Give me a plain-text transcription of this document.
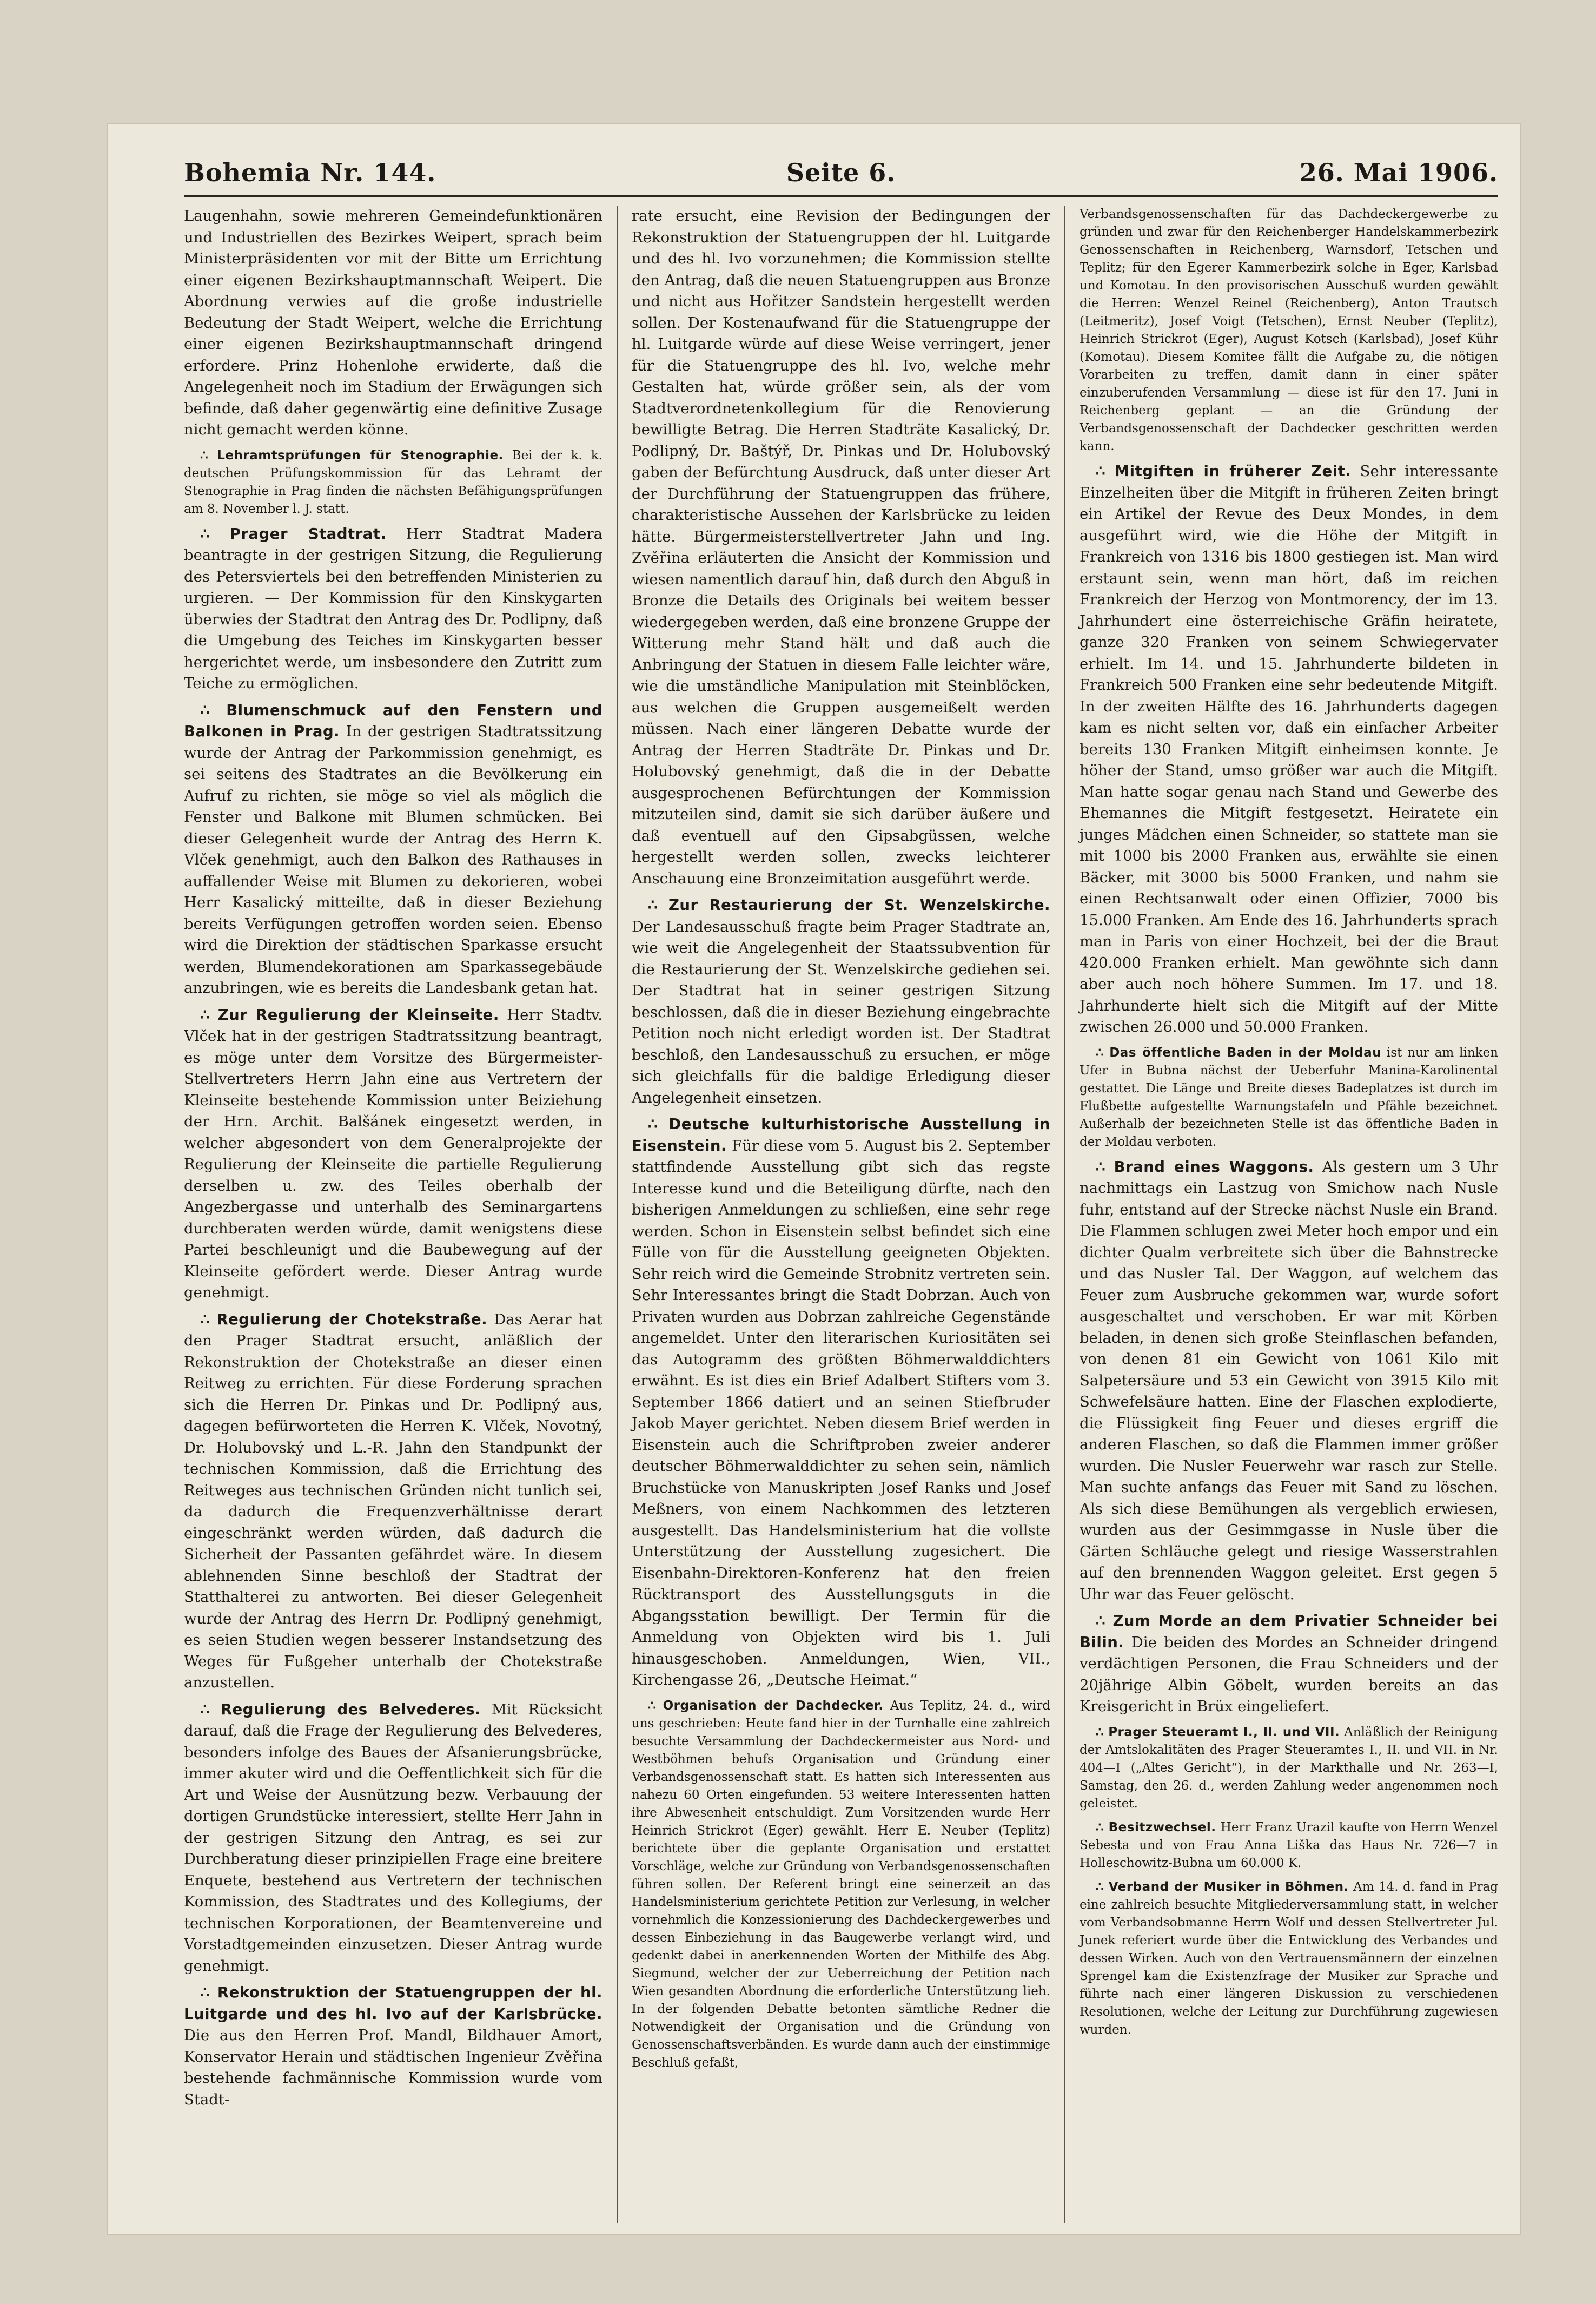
Bohemia Nr. 144.	Seite 6.	26. Mai 1906.

Laugenhahn, sowie mehreren Gemeindefunktionären und Industriellen des Bezirkes Weipert, sprach beim Ministerpräsidenten vor mit der Bitte um Errichtung einer eigenen Bezirkshauptmannschaft Weipert. Die Abordnung verwies auf die große industrielle Bedeutung der Stadt Weipert, welche die Errichtung einer eigenen Bezirkshauptmannschaft dringend erfordere. Prinz Hohenlohe erwiderte, daß die Angelegenheit noch im Stadium der Erwägungen sich befinde, daß daher gegenwärtig eine definitive Zusage nicht gemacht werden könne.

∴ Lehramtsprüfungen für Stenographie. Bei der k. k. deutschen Prüfungskommission für das Lehramt der Stenographie in Prag finden die nächsten Befähigungsprüfungen am 8. November l. J. statt.

∴ Prager Stadtrat. Herr Stadtrat Madera beantragte in der gestrigen Sitzung, die Regulierung des Petersviertels bei den betreffenden Ministerien zu urgieren. — Der Kommission für den Kinskygarten überwies der Stadtrat den Antrag des Dr. Podlipny, daß die Umgebung des Teiches im Kinskygarten besser hergerichtet werde, um insbesondere den Zutritt zum Teiche zu ermöglichen.

∴ Blumenschmuck auf den Fenstern und Balkonen in Prag. In der gestrigen Stadtratssitzung wurde der Antrag der Parkommission genehmigt, es sei seitens des Stadtrates an die Bevölkerung ein Aufruf zu richten, sie möge so viel als möglich die Fenster und Balkone mit Blumen schmücken. Bei dieser Gelegenheit wurde der Antrag des Herrn K. Vlček genehmigt, auch den Balkon des Rathauses in auffallender Weise mit Blumen zu dekorieren, wobei Herr Kasalický mitteilte, daß in dieser Beziehung bereits Verfügungen getroffen worden seien. Ebenso wird die Direktion der städtischen Sparkasse ersucht werden, Blumendekorationen am Sparkassegebäude anzubringen, wie es bereits die Landesbank getan hat.

∴ Zur Regulierung der Kleinseite. Herr Stadtv. Vlček hat in der gestrigen Stadtratssitzung beantragt, es möge unter dem Vorsitze des Bürgermeister-Stellvertreters Herrn Jahn eine aus Vertretern der Kleinseite bestehende Kommission unter Beiziehung der Hrn. Archit. Balšánek eingesetzt werden, in welcher abgesondert von dem Generalprojekte der Regulierung der Kleinseite die partielle Regulierung derselben u. zw. des Teiles oberhalb der Angezbergasse und unterhalb des Seminargartens durchberaten werden würde, damit wenigstens diese Partei beschleunigt und die Baubewegung auf der Kleinseite gefördert werde. Dieser Antrag wurde genehmigt.

∴ Regulierung der Chotekstraße. Das Aerar hat den Prager Stadtrat ersucht, anläßlich der Rekonstruktion der Chotekstraße an dieser einen Reitweg zu errichten. Für diese Forderung sprachen sich die Herren Dr. Pinkas und Dr. Podlipný aus, dagegen befürworteten die Herren K. Vlček, Novotný, Dr. Holubovský und L.-R. Jahn den Standpunkt der technischen Kommission, daß die Errichtung des Reitweges aus technischen Gründen nicht tunlich sei, da dadurch die Frequenzverhältnisse derart eingeschränkt werden würden, daß dadurch die Sicherheit der Passanten gefährdet wäre. In diesem ablehnenden Sinne beschloß der Stadtrat der Statthalterei zu antworten. Bei dieser Gelegenheit wurde der Antrag des Herrn Dr. Podlipný genehmigt, es seien Studien wegen besserer Instandsetzung des Weges für Fußgeher unterhalb der Chotekstraße anzustellen.

∴ Regulierung des Belvederes. Mit Rücksicht darauf, daß die Frage der Regulierung des Belvederes, besonders infolge des Baues der Afsanierungsbrücke, immer akuter wird und die Oeffentlichkeit sich für die Art und Weise der Ausnützung bezw. Verbauung der dortigen Grundstücke interessiert, stellte Herr Jahn in der gestrigen Sitzung den Antrag, es sei zur Durchberatung dieser prinzipiellen Frage eine breitere Enquete, bestehend aus Vertretern der technischen Kommission, des Stadtrates und des Kollegiums, der technischen Korporationen, der Beamtenvereine und Vorstadtgemeinden einzusetzen. Dieser Antrag wurde genehmigt.

∴ Rekonstruktion der Statuengruppen der hl. Luitgarde und des hl. Ivo auf der Karlsbrücke. Die aus den Herren Prof. Mandl, Bildhauer Amort, Konservator Herain und städtischen Ingenieur Zvěřina bestehende fachmännische Kommission wurde vom Stadt-

rate ersucht, eine Revision der Bedingungen der Rekonstruktion der Statuengruppen der hl. Luitgarde und des hl. Ivo vorzunehmen; die Kommission stellte den Antrag, daß die neuen Statuengruppen aus Bronze und nicht aus Hořitzer Sandstein hergestellt werden sollen. Der Kostenaufwand für die Statuengruppe der hl. Luitgarde würde auf diese Weise verringert, jener für die Statuengruppe des hl. Ivo, welche mehr Gestalten hat, würde größer sein, als der vom Stadtverordnetenkollegium für die Renovierung bewilligte Betrag. Die Herren Stadträte Kasalický, Dr. Podlipný, Dr. Baštýř, Dr. Pinkas und Dr. Holubovský gaben der Befürchtung Ausdruck, daß unter dieser Art der Durchführung der Statuengruppen das frühere, charakteristische Aussehen der Karlsbrücke zu leiden hätte. Bürgermeisterstellvertreter Jahn und Ing. Zvěřina erläuterten die Ansicht der Kommission und wiesen namentlich darauf hin, daß durch den Abguß in Bronze die Details des Originals bei weitem besser wiedergegeben werden, daß eine bronzene Gruppe der Witterung mehr Stand hält und daß auch die Anbringung der Statuen in diesem Falle leichter wäre, wie die umständliche Manipulation mit Steinblöcken, aus welchen die Gruppen ausgemeißelt werden müssen. Nach einer längeren Debatte wurde der Antrag der Herren Stadträte Dr. Pinkas und Dr. Holubovský genehmigt, daß die in der Debatte ausgesprochenen Befürchtungen der Kommission mitzuteilen sind, damit sie sich darüber äußere und daß eventuell auf den Gipsabgüssen, welche hergestellt werden sollen, zwecks leichterer Anschauung eine Bronzeimitation ausgeführt werde.

∴ Zur Restaurierung der St. Wenzelskirche. Der Landesausschuß fragte beim Prager Stadtrate an, wie weit die Angelegenheit der Staatssubvention für die Restaurierung der St. Wenzelskirche gediehen sei. Der Stadtrat hat in seiner gestrigen Sitzung beschlossen, daß die in dieser Beziehung eingebrachte Petition noch nicht erledigt worden ist. Der Stadtrat beschloß, den Landesausschuß zu ersuchen, er möge sich gleichfalls für die baldige Erledigung dieser Angelegenheit einsetzen.

∴ Deutsche kulturhistorische Ausstellung in Eisenstein. Für diese vom 5. August bis 2. September stattfindende Ausstellung gibt sich das regste Interesse kund und die Beteiligung dürfte, nach den bisherigen Anmeldungen zu schließen, eine sehr rege werden. Schon in Eisenstein selbst befindet sich eine Fülle von für die Ausstellung geeigneten Objekten. Sehr reich wird die Gemeinde Strobnitz vertreten sein. Sehr Interessantes bringt die Stadt Dobrzan. Auch von Privaten wurden aus Dobrzan zahlreiche Gegenstände angemeldet. Unter den literarischen Kuriositäten sei das Autogramm des größten Böhmerwalddichters erwähnt. Es ist dies ein Brief Adalbert Stifters vom 3. September 1866 datiert und an seinen Stiefbruder Jakob Mayer gerichtet. Neben diesem Brief werden in Eisenstein auch die Schriftproben zweier anderer deutscher Böhmerwalddichter zu sehen sein, nämlich Bruchstücke von Manuskripten Josef Ranks und Josef Meßners, von einem Nachkommen des letzteren ausgestellt. Das Handelsministerium hat die vollste Unterstützung der Ausstellung zugesichert. Die Eisenbahn-Direktoren-Konferenz hat den freien Rücktransport des Ausstellungsguts in die Abgangsstation bewilligt. Der Termin für die Anmeldung von Objekten wird bis 1. Juli hinausgeschoben. Anmeldungen, Wien, VII., Kirchengasse 26, „Deutsche Heimat.“

∴ Organisation der Dachdecker. Aus Teplitz, 24. d., wird uns geschrieben: Heute fand hier in der Turnhalle eine zahlreich besuchte Versammlung der Dachdeckermeister aus Nord- und Westböhmen behufs Organisation und Gründung einer Verbandsgenossenschaft statt. Es hatten sich Interessenten aus nahezu 60 Orten eingefunden. 53 weitere Interessenten hatten ihre Abwesenheit entschuldigt. Zum Vorsitzenden wurde Herr Heinrich Strickrot (Eger) gewählt. Herr E. Neuber (Teplitz) berichtete über die geplante Organisation und erstattet Vorschläge, welche zur Gründung von Verbandsgenossenschaften führen sollen. Der Referent bringt eine seinerzeit an das Handelsministerium gerichtete Petition zur Verlesung, in welcher vornehmlich die Konzessionierung des Dachdeckergewerbes und dessen Einbeziehung in das Baugewerbe verlangt wird, und gedenkt dabei in anerkennenden Worten der Mithilfe des Abg. Siegmund, welcher der zur Ueberreichung der Petition nach Wien gesandten Abordnung die erforderliche Unterstützung lieh. In der folgenden Debatte betonten sämtliche Redner die Notwendigkeit der Organisation und die Gründung von Genossenschaftsverbänden. Es wurde dann auch der einstimmige Beschluß gefaßt,

Verbandsgenossenschaften für das Dachdeckergewerbe zu gründen und zwar für den Reichenberger Handelskammerbezirk Genossenschaften in Reichenberg, Warnsdorf, Tetschen und Teplitz; für den Egerer Kammerbezirk solche in Eger, Karlsbad und Komotau. In den provisorischen Ausschuß wurden gewählt die Herren: Wenzel Reinel (Reichenberg), Anton Trautsch (Leitmeritz), Josef Voigt (Tetschen), Ernst Neuber (Teplitz), Heinrich Strickrot (Eger), August Kotsch (Karlsbad), Josef Kühr (Komotau). Diesem Komitee fällt die Aufgabe zu, die nötigen Vorarbeiten zu treffen, damit dann in einer später einzuberufenden Versammlung — diese ist für den 17. Juni in Reichenberg geplant — an die Gründung der Verbandsgenossenschaft der Dachdecker geschritten werden kann.

∴ Mitgiften in früherer Zeit. Sehr interessante Einzelheiten über die Mitgift in früheren Zeiten bringt ein Artikel der Revue des Deux Mondes, in dem ausgeführt wird, wie die Höhe der Mitgift in Frankreich von 1316 bis 1800 gestiegen ist. Man wird erstaunt sein, wenn man hört, daß im reichen Frankreich der Herzog von Montmorency, der im 13. Jahrhundert eine österreichische Gräfin heiratete, ganze 320 Franken von seinem Schwiegervater erhielt. Im 14. und 15. Jahrhunderte bildeten in Frankreich 500 Franken eine sehr bedeutende Mitgift. In der zweiten Hälfte des 16. Jahrhunderts dagegen kam es nicht selten vor, daß ein einfacher Arbeiter bereits 130 Franken Mitgift einheimsen konnte. Je höher der Stand, umso größer war auch die Mitgift. Man hatte sogar genau nach Stand und Gewerbe des Ehemannes die Mitgift festgesetzt. Heiratete ein junges Mädchen einen Schneider, so stattete man sie mit 1000 bis 2000 Franken aus, erwählte sie einen Bäcker, mit 3000 bis 5000 Franken, und nahm sie einen Rechtsanwalt oder einen Offizier, 7000 bis 15.000 Franken. Am Ende des 16. Jahrhunderts sprach man in Paris von einer Hochzeit, bei der die Braut 420.000 Franken erhielt. Man gewöhnte sich dann aber auch noch höhere Summen. Im 17. und 18. Jahrhunderte hielt sich die Mitgift auf der Mitte zwischen 26.000 und 50.000 Franken.

∴ Das öffentliche Baden in der Moldau ist nur am linken Ufer in Bubna nächst der Ueberfuhr Manina-Karolinental gestattet. Die Länge und Breite dieses Badeplatzes ist durch im Flußbette aufgestellte Warnungstafeln und Pfähle bezeichnet. Außerhalb der bezeichneten Stelle ist das öffentliche Baden in der Moldau verboten.

∴ Brand eines Waggons. Als gestern um 3 Uhr nachmittags ein Lastzug von Smichow nach Nusle fuhr, entstand auf der Strecke nächst Nusle ein Brand. Die Flammen schlugen zwei Meter hoch empor und ein dichter Qualm verbreitete sich über die Bahnstrecke und das Nusler Tal. Der Waggon, auf welchem das Feuer zum Ausbruche gekommen war, wurde sofort ausgeschaltet und verschoben. Er war mit Körben beladen, in denen sich große Steinflaschen befanden, von denen 81 ein Gewicht von 1061 Kilo mit Salpetersäure und 53 ein Gewicht von 3915 Kilo mit Schwefelsäure hatten. Eine der Flaschen explodierte, die Flüssigkeit fing Feuer und dieses ergriff die anderen Flaschen, so daß die Flammen immer größer wurden. Die Nusler Feuerwehr war rasch zur Stelle. Man suchte anfangs das Feuer mit Sand zu löschen. Als sich diese Bemühungen als vergeblich erwiesen, wurden aus der Gesimmgasse in Nusle über die Gärten Schläuche gelegt und riesige Wasserstrahlen auf den brennenden Waggon geleitet. Erst gegen 5 Uhr war das Feuer gelöscht.

∴ Zum Morde an dem Privatier Schneider bei Bilin. Die beiden des Mordes an Schneider dringend verdächtigen Personen, die Frau Schneiders und der 20jährige Albin Göbelt, wurden bereits an das Kreisgericht in Brüx eingeliefert.

∴ Prager Steueramt I., II. und VII. Anläßlich der Reinigung der Amtslokalitäten des Prager Steueramtes I., II. und VII. in Nr. 404—I („Altes Gericht“), in der Markthalle und Nr. 263—I, Samstag, den 26. d., werden Zahlung weder angenommen noch geleistet.

∴ Besitzwechsel. Herr Franz Urazil kaufte von Herrn Wenzel Sebesta und von Frau Anna Liška das Haus Nr. 726—7 in Holleschowitz-Bubna um 60.000 K.

∴ Verband der Musiker in Böhmen. Am 14. d. fand in Prag eine zahlreich besuchte Mitgliederversammlung statt, in welcher vom Verbandsobmanne Herrn Wolf und dessen Stellvertreter Jul. Junek referiert wurde über die Entwicklung des Verbandes und dessen Wirken. Auch von den Vertrauensmännern der einzelnen Sprengel kam die Existenzfrage der Musiker zur Sprache und führte nach einer längeren Diskussion zu verschiedenen Resolutionen, welche der Leitung zur Durchführung zugewiesen wurden.
